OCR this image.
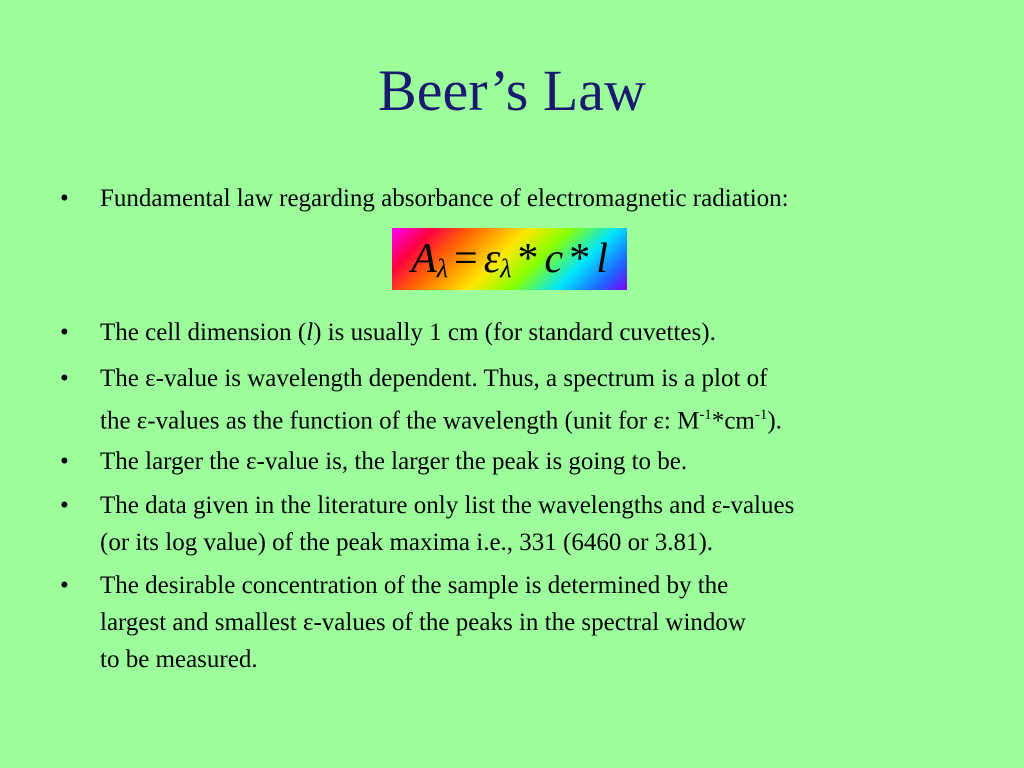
Beer’s Law
• Fundamental law regarding absorbance of electromagnetic radiation:
A λ = ε λ * c * l
• The cell dimension (l) is usually 1 cm (for standard cuvettes).
• The ε-value is wavelength dependent. Thus, a spectrum is a plot of
the ε-values as the function of the wavelength (unit for ε: $M^{-1}*cm^{-1}$).
• The larger the ε-value is, the larger the peak is going to be.
• The data given in the literature only list the wavelengths and ε-values
(or its log value) of the peak maxima i.e., 331 (6460 or 3.81).
• The desirable concentration of the sample is determined by the
largest and smallest ε-values of the peaks in the spectral window
to be measured.
